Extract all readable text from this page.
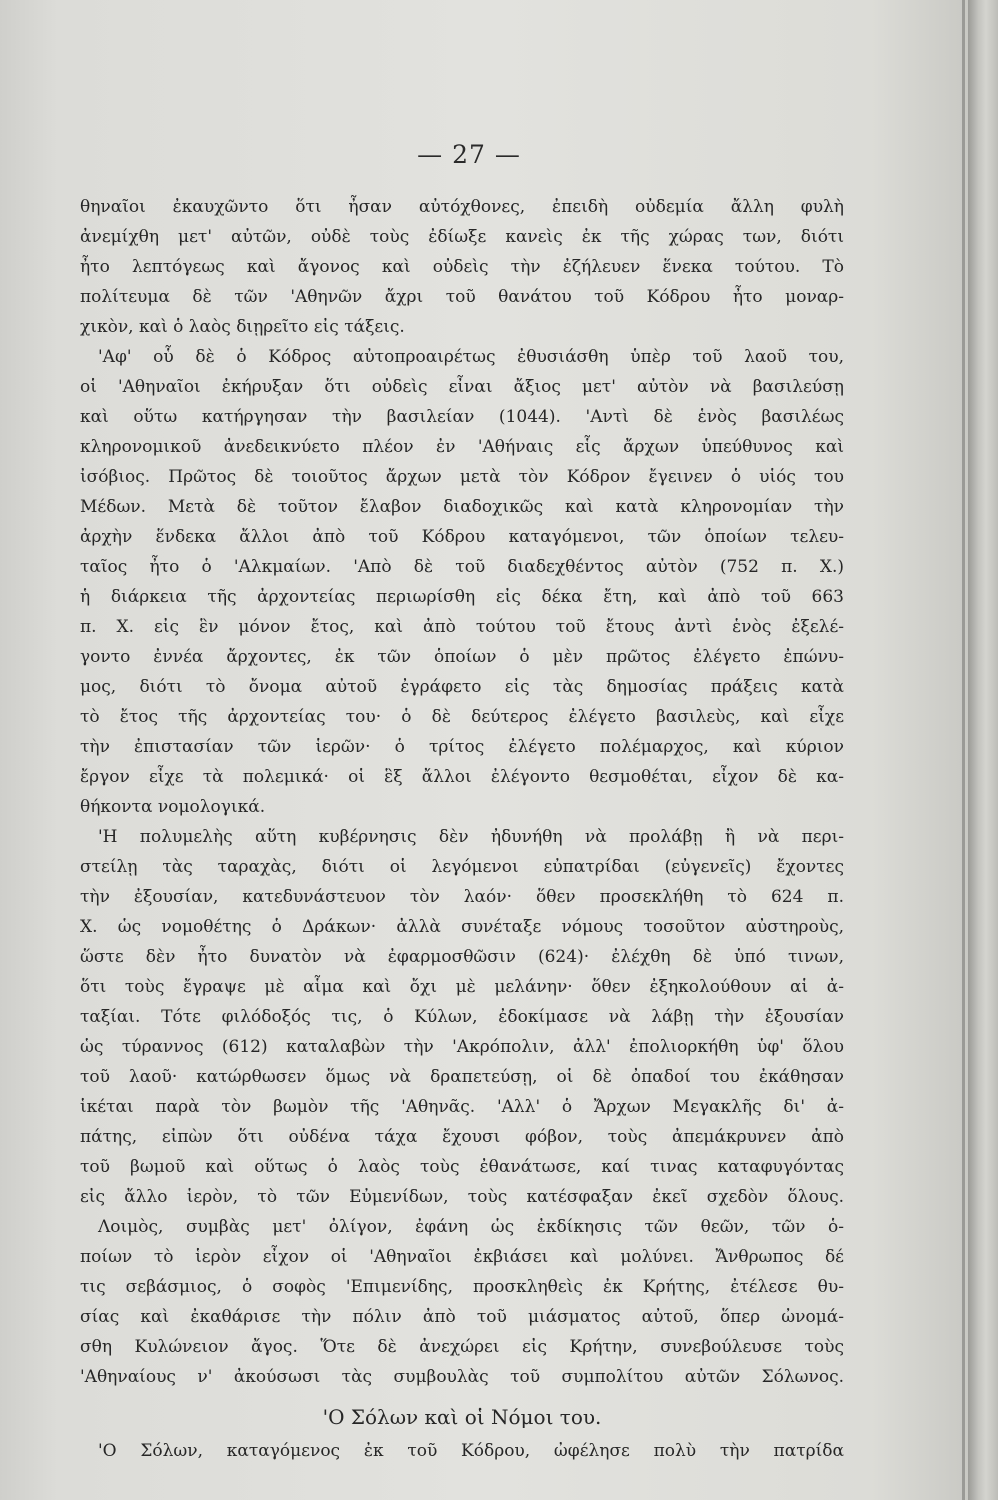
— 27 —
θηναῖοι ἐκαυχῶντο ὅτι ἦσαν αὐτόχθονες, ἐπειδὴ οὐδεμία ἄλλη φυλὴ
ἀνεμίχθη μετ' αὐτῶν, οὐδὲ τοὺς ἐδίωξε κανεὶς ἐκ τῆς χώρας των, διότι
ἦτο λεπτόγεως καὶ ἄγονος καὶ οὐδεὶς τὴν ἐζήλευεν ἕνεκα τούτου. Τὸ
πολίτευμα δὲ τῶν 'Αθηνῶν ἄχρι τοῦ θανάτου τοῦ Κόδρου ἦτο μοναρ-
χικὸν, καὶ ὁ λαὸς διῃρεῖτο εἰς τάξεις.
'Αφ' οὗ δὲ ὁ Κόδρος αὐτοπροαιρέτως ἐθυσιάσθη ὑπὲρ τοῦ λαοῦ του,
οἱ 'Αθηναῖοι ἐκήρυξαν ὅτι οὐδεὶς εἶναι ἄξιος μετ' αὐτὸν νὰ βασιλεύσῃ
καὶ οὕτω κατήργησαν τὴν βασιλείαν (1044). 'Αντὶ δὲ ἑνὸς βασιλέως
κληρονομικοῦ ἀνεδεικνύετο πλέον ἐν 'Αθήναις εἷς ἄρχων ὑπεύθυνος καὶ
ἰσόβιος. Πρῶτος δὲ τοιοῦτος ἄρχων μετὰ τὸν Κόδρον ἔγεινεν ὁ υἱός του
Μέδων. Μετὰ δὲ τοῦτον ἔλαβον διαδοχικῶς καὶ κατὰ κληρονομίαν τὴν
ἀρχὴν ἕνδεκα ἄλλοι ἀπὸ τοῦ Κόδρου καταγόμενοι, τῶν ὁποίων τελευ-
ταῖος ἦτο ὁ 'Αλκμαίων. 'Απὸ δὲ τοῦ διαδεχθέντος αὐτὸν (752 π. Χ.)
ἡ διάρκεια τῆς ἀρχοντείας περιωρίσθη εἰς δέκα ἔτη, καὶ ἀπὸ τοῦ 663
π. Χ. εἰς ἓν μόνον ἔτος, καὶ ἀπὸ τούτου τοῦ ἔτους ἀντὶ ἑνὸς ἐξελέ-
γοντο ἐννέα ἄρχοντες, ἐκ τῶν ὁποίων ὁ μὲν πρῶτος ἐλέγετο ἐπώνυ-
μος, διότι τὸ ὄνομα αὐτοῦ ἐγράφετο εἰς τὰς δημοσίας πράξεις κατὰ
τὸ ἔτος τῆς ἀρχοντείας του· ὁ δὲ δεύτερος ἐλέγετο βασιλεὺς, καὶ εἶχε
τὴν ἐπιστασίαν τῶν ἱερῶν· ὁ τρίτος ἐλέγετο πολέμαρχος, καὶ κύριον
ἔργον εἶχε τὰ πολεμικά· οἱ ἓξ ἄλλοι ἐλέγοντο θεσμοθέται, εἶχον δὲ κα-
θήκοντα νομολογικά.
'Η πολυμελὴς αὕτη κυβέρνησις δὲν ἠδυνήθη νὰ προλάβῃ ἢ νὰ περι-
στείλῃ τὰς ταραχὰς, διότι οἱ λεγόμενοι εὐπατρίδαι (εὐγενεῖς) ἔχοντες
τὴν ἐξουσίαν, κατεδυνάστευον τὸν λαόν· ὅθεν προσεκλήθη τὸ 624 π.
Χ. ὡς νομοθέτης ὁ Δράκων· ἀλλὰ συνέταξε νόμους τοσοῦτον αὐστηροὺς,
ὥστε δὲν ἦτο δυνατὸν νὰ ἐφαρμοσθῶσιν (624)· ἐλέχθη δὲ ὑπό τινων,
ὅτι τοὺς ἔγραψε μὲ αἷμα καὶ ὄχι μὲ μελάνην· ὅθεν ἐξηκολούθουν αἱ ἀ-
ταξίαι. Τότε φιλόδοξός τις, ὁ Κύλων, ἐδοκίμασε νὰ λάβῃ τὴν ἐξουσίαν
ὡς τύραννος (612) καταλαβὼν τὴν 'Ακρόπολιν, ἀλλ' ἐπολιορκήθη ὑφ' ὅλου
τοῦ λαοῦ· κατώρθωσεν ὅμως νὰ δραπετεύσῃ, οἱ δὲ ὀπαδοί του ἐκάθησαν
ἱκέται παρὰ τὸν βωμὸν τῆς 'Αθηνᾶς. 'Αλλ' ὁ Ἄρχων Μεγακλῆς δι' ἀ-
πάτης, εἰπὼν ὅτι οὐδένα τάχα ἔχουσι φόβον, τοὺς ἀπεμάκρυνεν ἀπὸ
τοῦ βωμοῦ καὶ οὕτως ὁ λαὸς τοὺς ἐθανάτωσε, καί τινας καταφυγόντας
εἰς ἄλλο ἱερὸν, τὸ τῶν Εὐμενίδων, τοὺς κατέσφαξαν ἐκεῖ σχεδὸν ὅλους.
Λοιμὸς, συμβὰς μετ' ὀλίγον, ἐφάνη ὡς ἐκδίκησις τῶν θεῶν, τῶν ὁ-
ποίων τὸ ἱερὸν εἶχον οἱ 'Αθηναῖοι ἐκβιάσει καὶ μολύνει. Ἄνθρωπος δέ
τις σεβάσμιος, ὁ σοφὸς 'Επιμενίδης, προσκληθεὶς ἐκ Κρήτης, ἐτέλεσε θυ-
σίας καὶ ἐκαθάρισε τὴν πόλιν ἀπὸ τοῦ μιάσματος αὐτοῦ, ὅπερ ὠνομά-
σθη Κυλώνειον ἄγος. Ὅτε δὲ ἀνεχώρει εἰς Κρήτην, συνεβούλευσε τοὺς
'Αθηναίους ν' ἀκούσωσι τὰς συμβουλὰς τοῦ συμπολίτου αὐτῶν Σόλωνος.
'Ο Σόλων καὶ οἱ Νόμοι του.
'Ο Σόλων, καταγόμενος ἐκ τοῦ Κόδρου, ὠφέλησε πολὺ τὴν πατρίδα
